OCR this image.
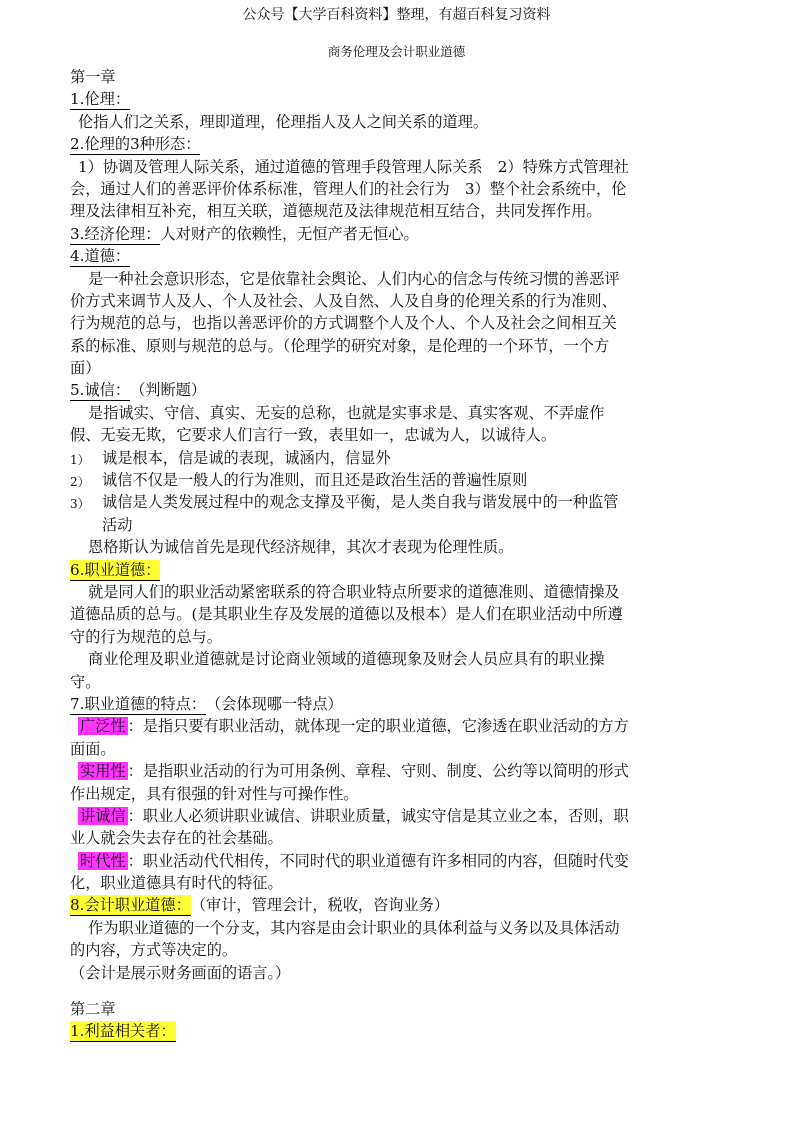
公众号【大学百科资料】整理，有超百科复习资料
商务伦理及会计职业道德
第一章
1.伦理：
伦指人们之关系，理即道理，伦理指人及人之间关系的道理。
2.伦理的3种形态：
1）协调及管理人际关系，通过道德的管理手段管理人际关系　2）特殊方式管理社
会，通过人们的善恶评价体系标准，管理人们的社会行为　3）整个社会系统中，伦
理及法律相互补充，相互关联，道德规范及法律规范相互结合，共同发挥作用。
3.经济伦理：人对财产的依赖性，无恒产者无恒心。
4.道德：
是一种社会意识形态，它是依靠社会舆论、人们内心的信念与传统习惯的善恶评
价方式来调节人及人、个人及社会、人及自然、人及自身的伦理关系的行为准则、
行为规范的总与，也指以善恶评价的方式调整个人及个人、个人及社会之间相互关
系的标准、原则与规范的总与。（伦理学的研究对象，是伦理的一个环节，一个方
面）
5.诚信：（判断题）
是指诚实、守信、真实、无妄的总称，也就是实事求是、真实客观、不弄虚作
假、无妄无欺，它要求人们言行一致，表里如一，忠诚为人，以诚待人。
1） 诚是根本，信是诚的表现，诚涵内，信显外
2） 诚信不仅是一般人的行为准则，而且还是政治生活的普遍性原则
3） 诚信是人类发展过程中的观念支撑及平衡，是人类自我与谐发展中的一种监管
活动
恩格斯认为诚信首先是现代经济规律，其次才表现为伦理性质。
6.职业道德：
就是同人们的职业活动紧密联系的符合职业特点所要求的道德准则、道德情操及
道德品质的总与。(是其职业生存及发展的道德以及根本）是人们在职业活动中所遵
守的行为规范的总与。
商业伦理及职业道德就是讨论商业领域的道德现象及财会人员应具有的职业操
守。
7.职业道德的特点：（会体现哪一特点）
广泛性 ：是指只要有职业活动，就体现一定的职业道德，它渗透在职业活动的方方
面面。
实用性 ：是指职业活动的行为可用条例、章程、守则、制度、公约等以简明的形式
作出规定，具有很强的针对性与可操作性。
讲诚信 ：职业人必须讲职业诚信、讲职业质量，诚实守信是其立业之本，否则，职
业人就会失去存在的社会基础。
时代性 ：职业活动代代相传，不同时代的职业道德有许多相同的内容，但随时代变
化，职业道德具有时代的特征。
8.会计职业道德：（审计，管理会计，税收，咨询业务）
作为职业道德的一个分支，其内容是由会计职业的具体利益与义务以及具体活动
的内容，方式等决定的。
（会计是展示财务画面的语言。）
第二章
1.利益相关者：
